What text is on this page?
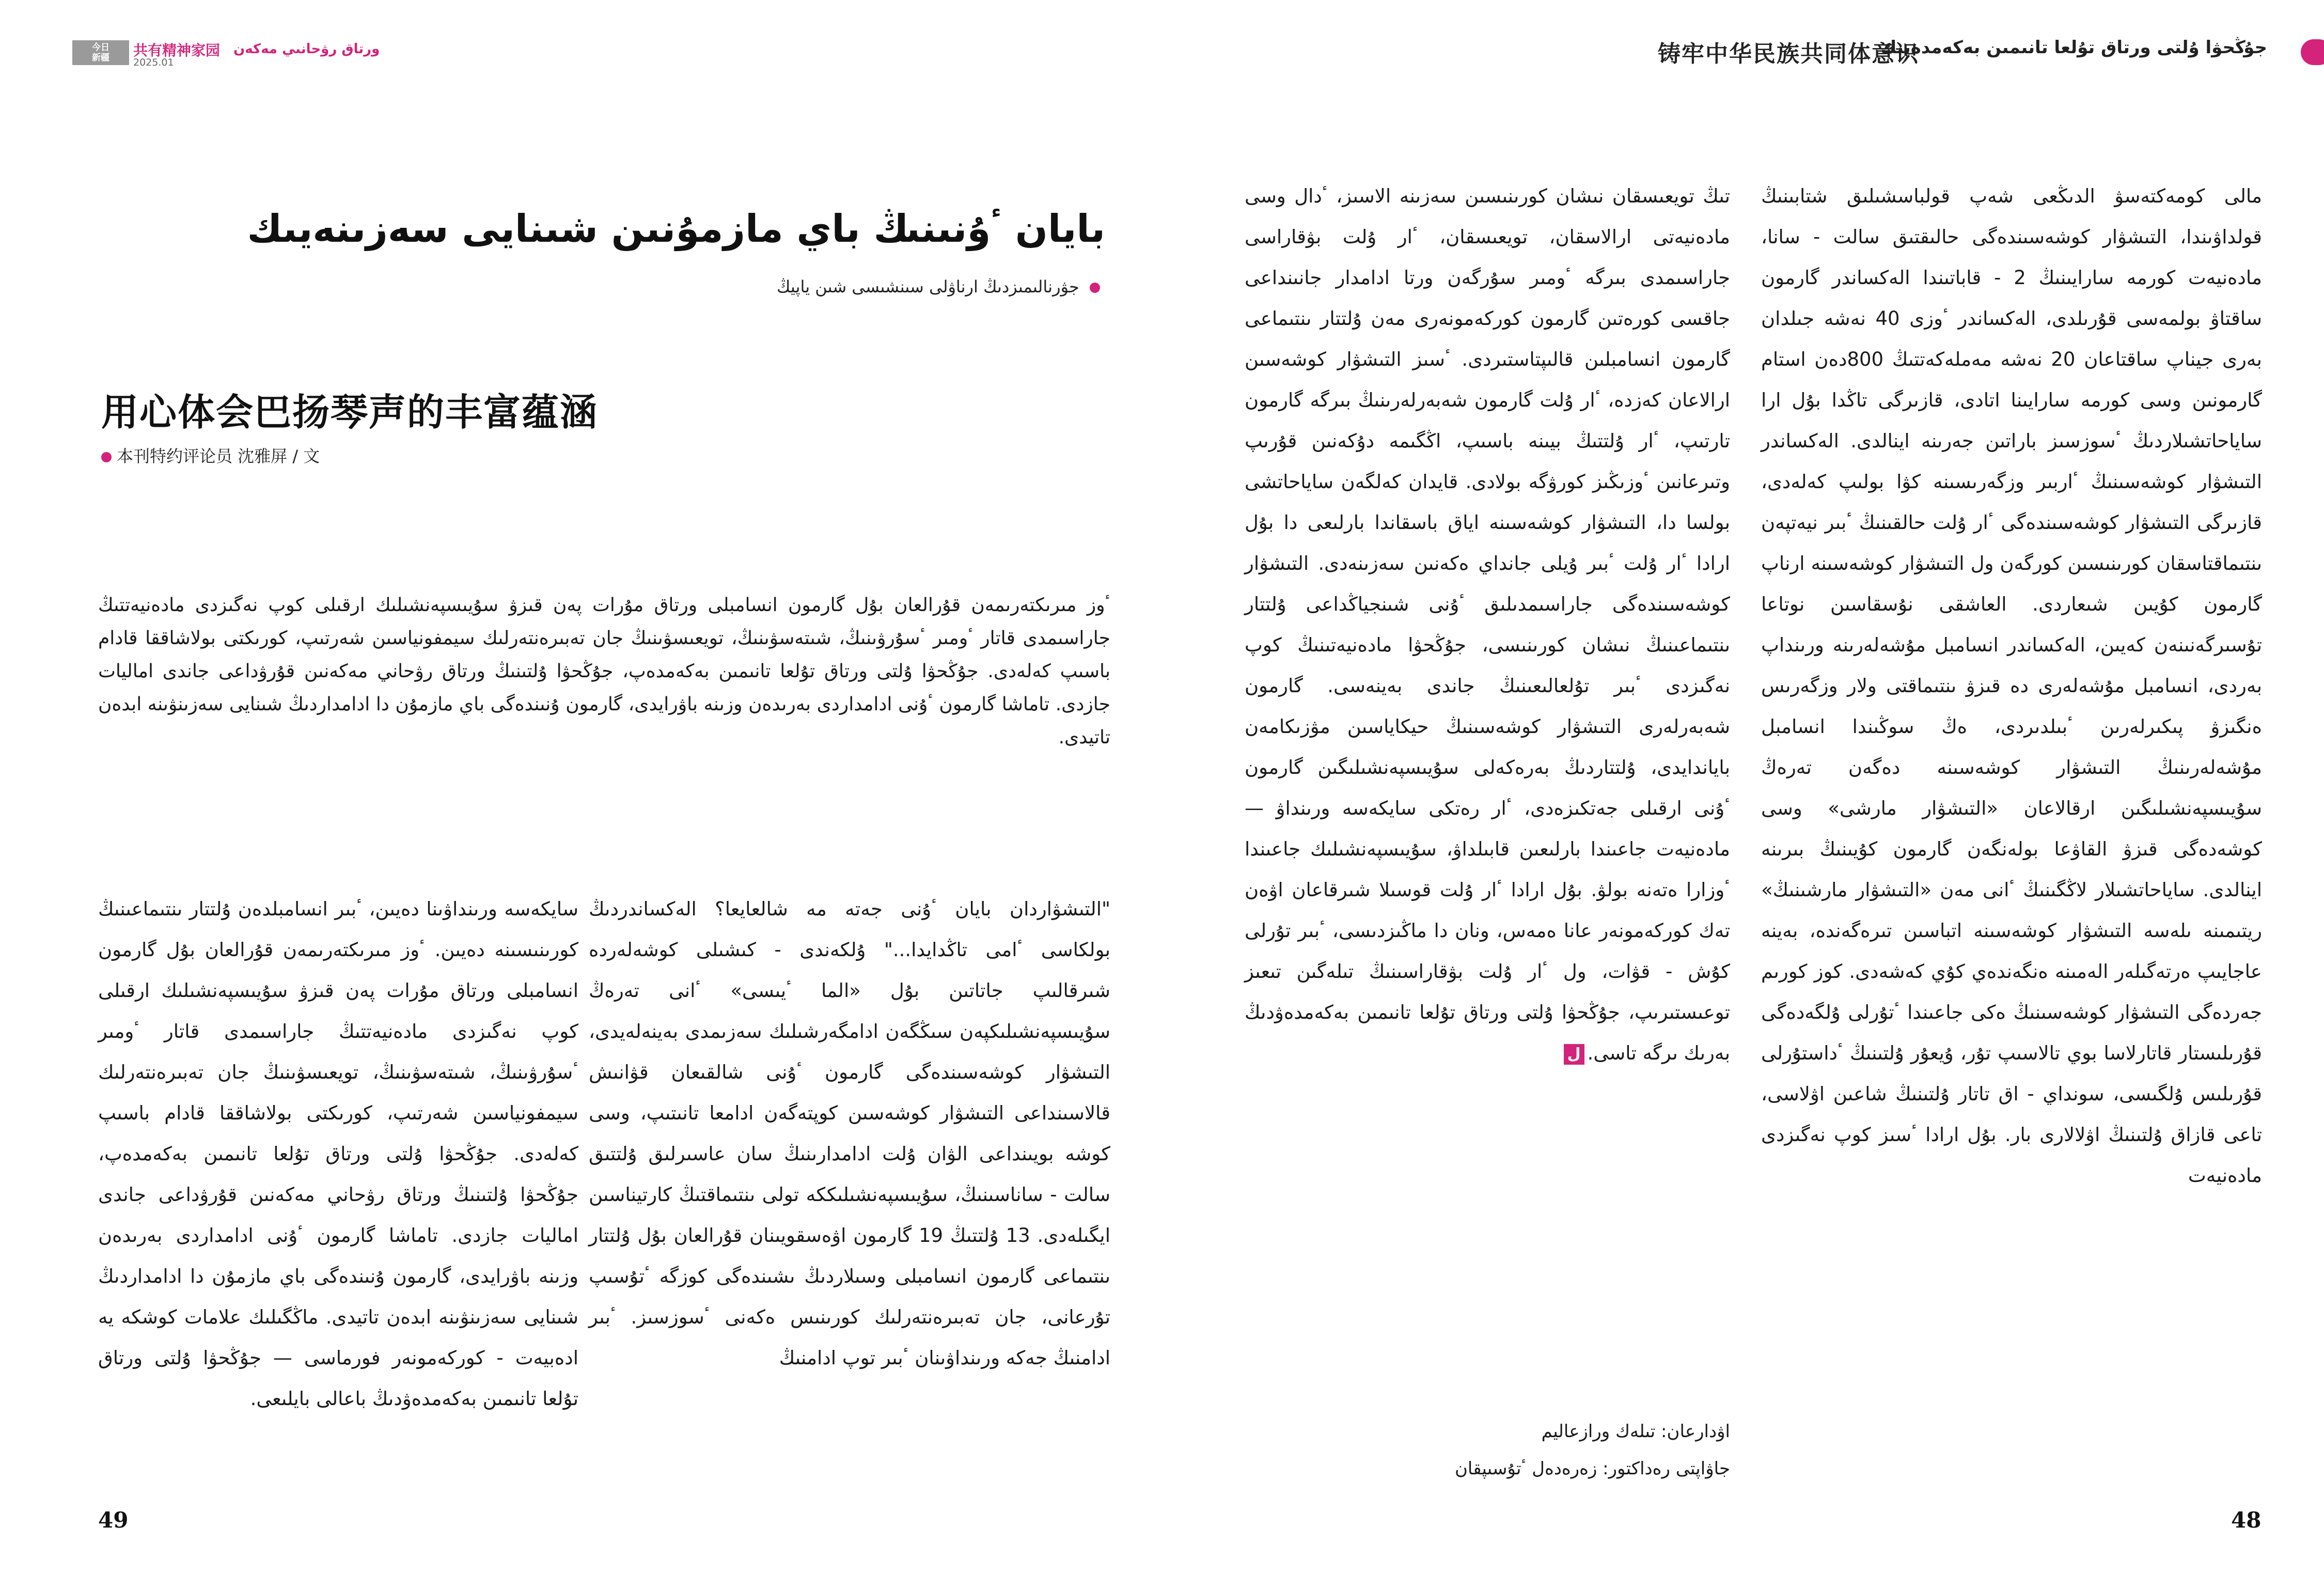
今日
新疆 共有精神家园
2025.01
ورتاق رۋحانىي مەكەن	铸牢中华民族共同体意识
جۇڭحۋا ۇلتى ورتاق تۇلعا تانىمىن بەكەمدەيىك
بايان ٴۇنىنىڭ باي مازمۇنىن شىنايى سەزىنەيىك
جۋرنالىمىزدىڭ ارناۋلى سىنشىسى شىن ياپيڭ
用心体会巴扬琴声的丰富蕴涵
本刊特约评论员 沈雅屏 / 文

ٴوز مىرىكتەرىمەن قۇرالعان بۇل گارمون انسامبلى ورتاق مۇرات پەن قىزۋ سۇيىسپەنشىلىك ارقىلى كوپ نەگىزدى مادەنيەتتىڭ جاراسىمدى قاتار ٴومىر ٴسۇرۋىنىڭ، شىتەسۋىنىڭ، تويعىسۋىنىڭ جان تەبىرەنتەرلىك سيمفونياسىن شەرتىپ، كورىكتى بولاشاققا قادام باسىپ كەلەدى. جۇڭحۋا ۇلتى ورتاق تۇلعا تانىمىن بەكەمدەپ، جۇڭحۋا ۇلتىنىڭ ورتاق رۋحاني مەكەنىن قۇرۋداعى جاندى اماليات جازدى. تاماشا گارمون ٴۇنى ادامداردى بەرىدەن وزىنە باۋرايدى، گارمون ۇنىندەگى باي مازمۇن دا ادامداردىڭ شىنايى سەزىنۋىنە ابدەن تاتيدى.

"التىشۋاردان بايان ٴۇنى جەتە مە شالعايعا؟ الەكساندردىڭ بولكاسى ٴامى تاڭدايدا..." ۇلكەندى - كىشىلى كوشەلەردە شىرقالىپ جاتاتىن بۇل «الما ٴيىسى» ٴانى تەرەڭ سۇيىسپەنشىلىكپەن سىڭگەن ادامگەرشىلىك سەزىمدى بەينەلەيدى، التىشۋار كوشەسىندەگى گارمون ٴۇنى شالقىعان قۋانىش قالاسىنداعى التىشۋار كوشەسىن كوپتەگەن ادامعا تانىتىپ، وسى كوشە بويىنداعى الۋان ۇلت ادامدارىنىڭ سان عاسىرلىق ۇلتتىق سالت - ساناسىنىڭ، سۇيىسپەنشىلىككە تولى ىنتىماقتىڭ كارتيناسىن ايگىلەدى. 13 ۇلتتىڭ 19 گارمون اۋەسقويىنان قۇرالعان بۇل ۇلتتار ىنتىماعى گارمون انسامبلى وسىلاردىڭ ىشىندەگى كوزگە ٴتۇسىپ تۇرعانى، جان تەبىرەنتەرلىك كورىنىس ەكەنى ٴسوزسىز. ٴبىر ادامنىڭ جەكە ورىنداۋىنان ٴبىر توپ ادامنىڭ

سايكەسە ورىنداۋىنا دەيىن، ٴبىر انسامبلدەن ۇلتتار ىنتىماعىنىڭ كورىنىسىنە دەيىن. ٴوز مىرىكتەرىمەن قۇرالعان بۇل گارمون انسامبلى ورتاق مۇرات پەن قىزۋ سۇيىسپەنشىلىك ارقىلى كوپ نەگىزدى مادەنيەتتىڭ جاراسىمدى قاتار ٴومىر ٴسۇرۋىنىڭ، شىتەسۋىنىڭ، تويعىسۋىنىڭ جان تەبىرەنتەرلىك سيمفونياسىن شەرتىپ، كورىكتى بولاشاققا قادام باسىپ كەلەدى. جۇڭحۋا ۇلتى ورتاق تۇلعا تانىمىن بەكەمدەپ، جۇڭحۋا ۇلتىنىڭ ورتاق رۋحاني مەكەنىن قۇرۋداعى جاندى اماليات جازدى. تاماشا گارمون ٴۇنى ادامداردى بەرىدەن وزىنە باۋرايدى، گارمون ۇنىندەگى باي مازمۇن دا ادامداردىڭ شىنايى سەزىنۋىنە ابدەن تاتيدى. ماڭگىلىك علامات كوشكە يە ادەبيەت - كوركەمونەر فورماسى — جۇڭحۋا ۇلتى ورتاق تۇلعا تانىمىن بەكەمدەۋدىڭ باعالى بايلىعى.

مالى كومەكتەسۋ الدىڭعى شەپ قولباسشىلىق شتابىنىڭ قولداۋىندا، التىشۋار كوشەسىندەگى حالىقتىق سالت - سانا، مادەنيەت كورمە سارايىنىڭ 2 - قاباتىندا الەكساندر گارمون ساقتاۋ بولمەسى قۇرىلدى، الەكساندر ٴوزى 40 نەشە جىلدان بەرى جيناپ ساقتاعان 20 نەشە مەملەكەتتىڭ 800دەن استام گارمونىن وسى كورمە سارايىنا اتادى، قازىرگى تاڭدا بۇل ارا ساياحاتشىلاردىڭ ٴسوزسىز باراتىن جەرىنە اينالدى. الەكساندر التىشۋار كوشەسىنىڭ ٴاربىر وزگەرىسىنە كۋا بولىپ كەلەدى، قازىرگى التىشۋار كوشەسىندەگى ٴار ۇلت حالقىنىڭ ٴبىر نيەتپەن ىنتىماقتاسقان كورىنىسىن كورگەن ول التىشۋار كوشەسىنە ارناپ گارمون كۇيىن شىعاردى. العاشقى نۇسقاسىن نوتاعا تۇسىرگەنىنەن كەيىن، الەكساندر انسامبل مۇشەلەرىنە ورىنداپ بەردى، انسامبل مۇشەلەرى دە قىزۋ ىنتىماقتى ولار وزگەرىس ەنگىزۋ پىكىرلەرىن ٴبىلدىردى، ەڭ سوڭىندا انسامبل مۇشەلەرىنىڭ التىشۋار كوشەسىنە دەگەن تەرەڭ سۇيىسپەنشىلىگىن ارقالاعان «التىشۋار مارشى» وسى كوشەدەگى قىزۋ القاۋعا بولەنگەن گارمون كۇيىنىڭ بىرىنە اينالدى. ساياحاتشىلار لاڭگىنىڭ ٴانى مەن «التىشۋار مارشىنىڭ» ريتىمىنە ىلەسە التىشۋار كوشەسىنە اتباسىن تىرەگەندە، بەينە عاجايىپ ەرتەگىلەر الەمىنە ەنگەندەي كۇي كەشەدى. كوز كورىم جەردەگى التىشۋار كوشەسىنىڭ ەكى جاعىندا ٴتۇرلى ۇلگەدەگى قۇرىلىستار قاتارلاسا بوي تالاسىپ تۇر، ۇيعۇر ۇلتىنىڭ ٴداستۇرلى قۇرىلىس ۇلگىسى، سونداي - اق تاتار ۇلتىنىڭ شاعىن اۋلاسى، تاعى قازاق ۇلتىنىڭ اۋلالارى بار. بۇل ارادا ٴسىز كوپ نەگىزدى مادەنيەت

تىڭ تويعىسقان نىشان كورىنىسىن سەزىنە الاسىز، ٴدال وسى مادەنيەتى ارالاسقان، تويعىسقان، ٴار ۇلت بۋقاراسى جاراسىمدى بىرگە ٴومىر سۇرگەن ورتا ادامدار جانىنداعى جاقسى كورەتىن گارمون كوركەمونەرى مەن ۇلتتار ىنتىماعى گارمون انسامبلىن قالىپتاستىردى. ٴسىز التىشۋار كوشەسىن ارالاعان كەزدە، ٴار ۇلت گارمون شەبەرلەرىنىڭ بىرگە گارمون تارتىپ، ٴار ۇلتتىڭ بيىنە باسىپ، اڭگىمە دۇكەنىن قۇرىپ وتىرعانىن ٴوزىڭىز كورۋگە بولادى. قايدان كەلگەن ساياحاتشى بولسا دا، التىشۋار كوشەسىنە اياق باسقاندا بارلىعى دا بۇل ارادا ٴار ۇلت ٴبىر ۇيلى جانداي ەكەنىن سەزىنەدى. التىشۋار كوشەسىندەگى جاراسىمدىلىق ٴۇنى شىنجياڭداعى ۇلتتار ىنتىماعىنىڭ نىشان كورىنىسى، جۇڭحۋا مادەنيەتىنىڭ كوپ نەگىزدى ٴبىر تۇلعالىعىنىڭ جاندى بەينەسى. گارمون شەبەرلەرى التىشۋار كوشەسىنىڭ حيكاياسىن مۋزىكامەن باياندايدى، ۇلتتاردىڭ بەرەكەلى سۇيىسپەنشىلىگىن گارمون ٴۇنى ارقىلى جەتكىزەدى، ٴار رەتكى سايكەسە ورىنداۋ — مادەنيەت جاعىندا بارلىعىن قابىلداۋ، سۇيىسپەنشىلىك جاعىندا ٴوزارا ەتەنە بولۋ. بۇل ارادا ٴار ۇلت قوسىلا شىرقاعان اۋەن تەك كوركەمونەر عانا ەمەس، ونان دا ماڭىزدىسى، ٴبىر تۇرلى كۇش - قۋات، ول ٴار ۇلت بۋقاراسىنىڭ تىلەگىن تىعىز توعىستىرىپ، جۇڭحۋا ۇلتى ورتاق تۇلعا تانىمىن بەكەمدەۋدىڭ بەرىك ىرگە تاسى.ل

اۋدارعان: تىلەك ورازعاليم
جاۋاپتى رەداكتور: زەرەدەل ٴتۇسىپقان
49	48
